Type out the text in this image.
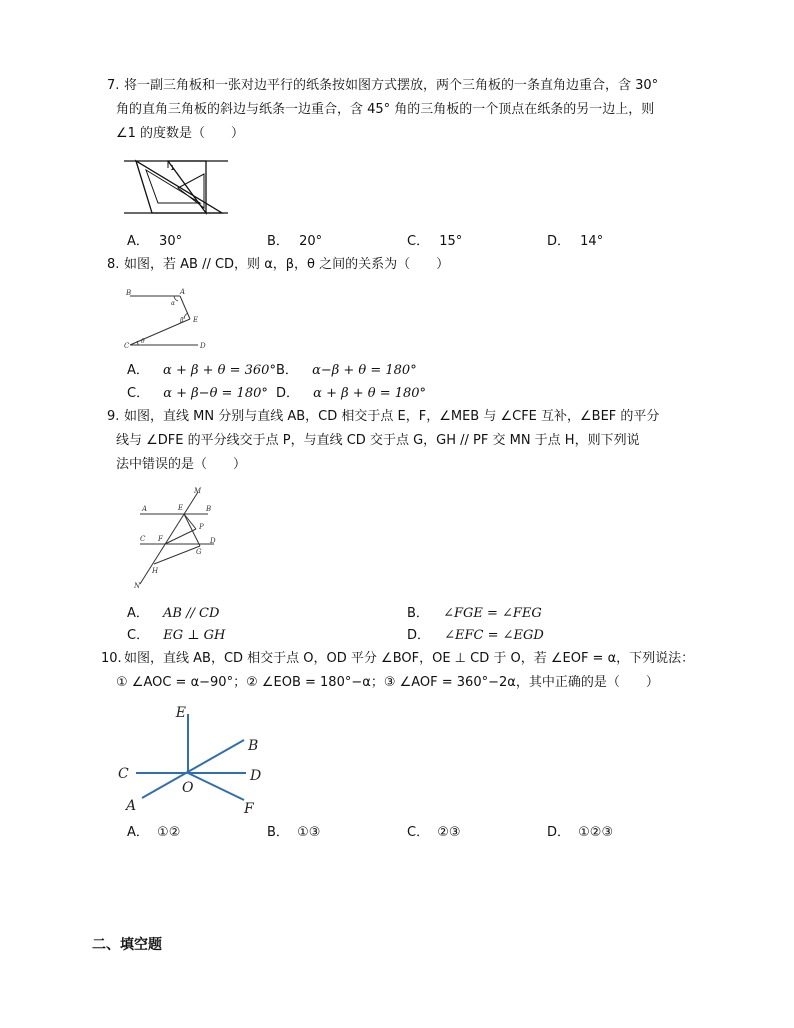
7. 将一副三角板和一张对边平行的纸条按如图方式摆放，两个三角板的一条直角边重合，含 30°
角的直角三角板的斜边与纸条一边重合，含 45° 角的三角板的一个顶点在纸条的另一边上，则
∠1 的度数是（　　）
1
A． 30°	B． 20°	C． 15°	D． 14°
8. 如图，若 AB // CD，则 α，β，θ 之间的关系为（　　）
B	A
E
C	D
α
β
θ
A． α + β + θ = 360° B． α−β + θ = 180°
C． α + β−θ = 180° D． α + β + θ = 180°
9. 如图，直线 MN 分别与直线 AB，CD 相交于点 E，F，∠MEB 与 ∠CFE 互补，∠BEF 的平分
线与 ∠DFE 的平分线交于点 P，与直线 CD 交于点 G，GH // PF 交 MN 于点 H，则下列说
法中错误的是（　　）
M
A	E	B
P
C F	D
G
H
N
A． AB // CD	B． ∠FGE = ∠FEG
C． EG ⊥ GH	D． ∠EFC = ∠EGD
10. 如图，直线 AB，CD 相交于点 O，OD 平分 ∠BOF，OE ⊥ CD 于 O，若 ∠EOF = α，下列说法：
① ∠AOC = α−90°；② ∠EOB = 180°−α；③ ∠AOF = 360°−2α，其中正确的是（　　）
E
B
C	D
O
A	F
A． ①②	B． ①③	C． ②③	D． ①②③
二、填空题
